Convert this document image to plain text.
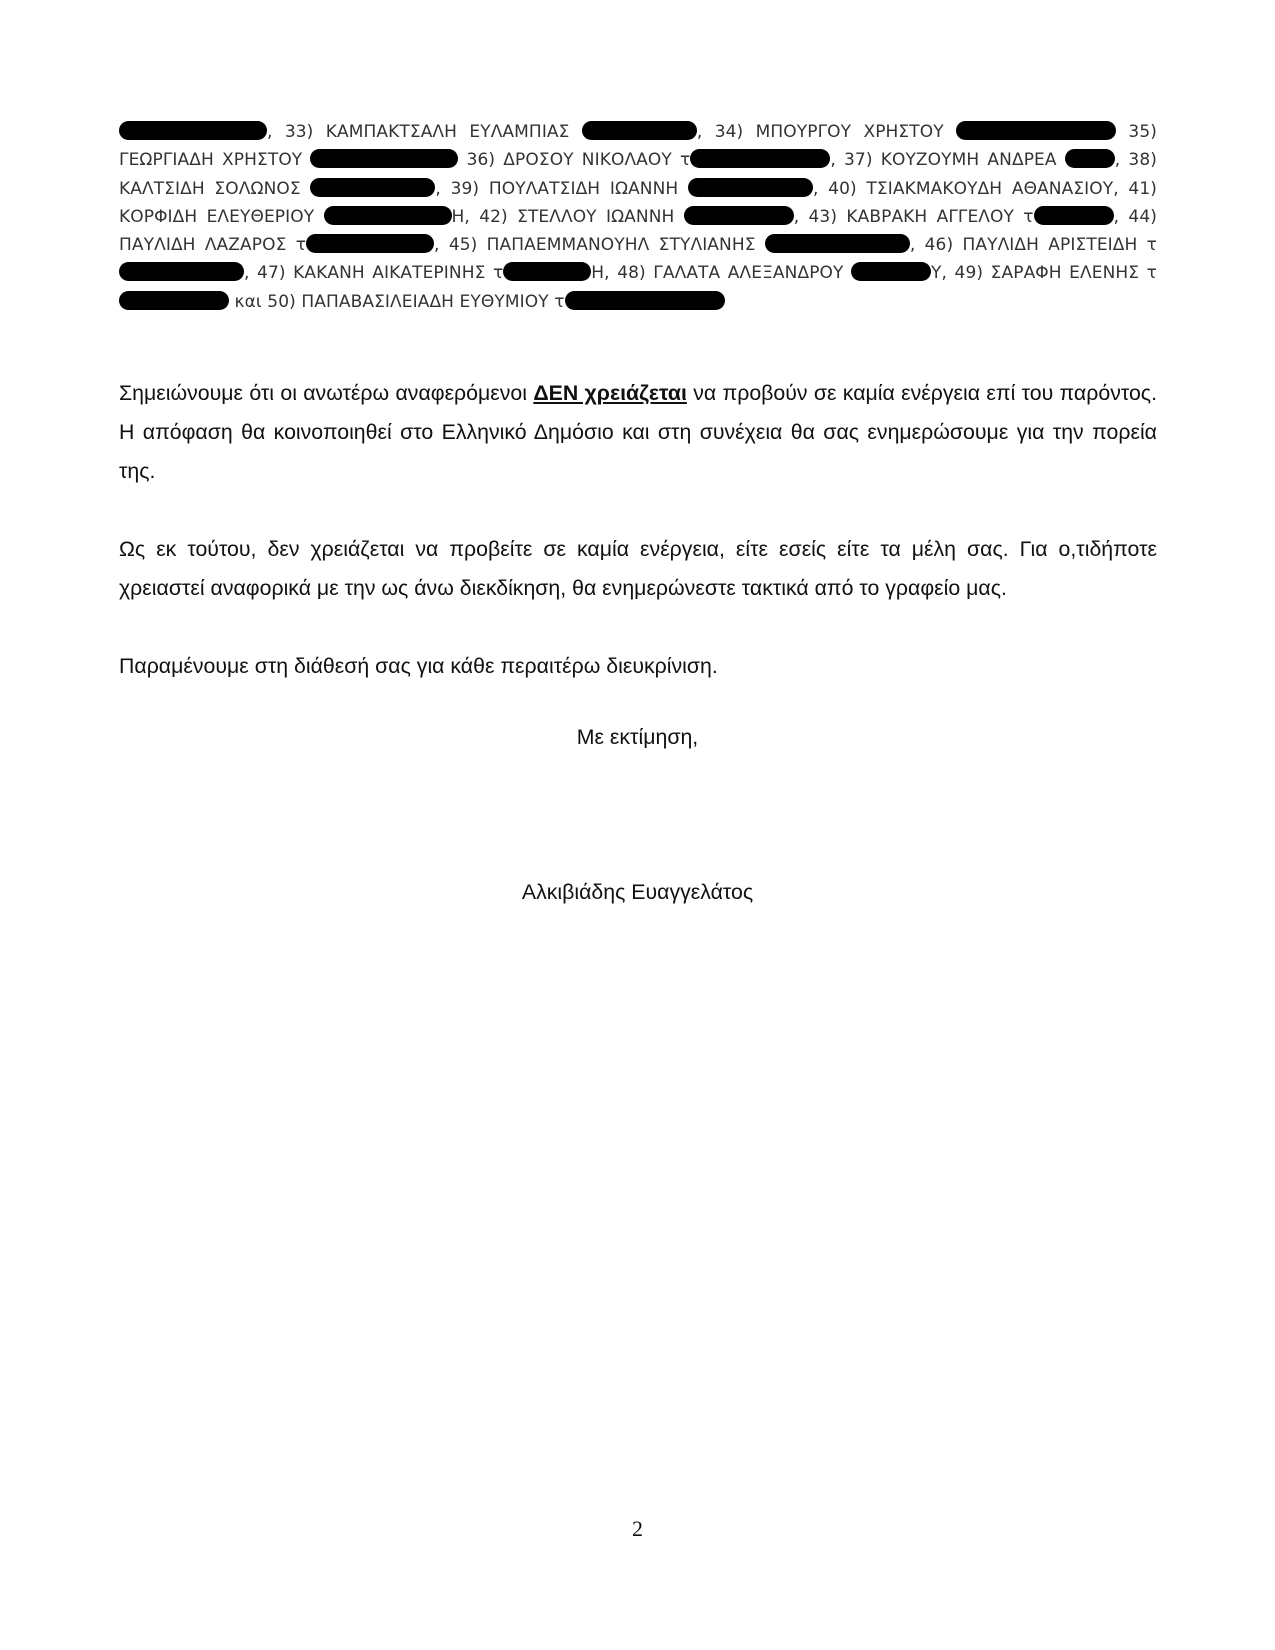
, 33) ΚΑΜΠΑΚΤΣΑΛΗ ΕΥΛΑΜΠΙΑΣ	, 34) ΜΠΟΥΡΓΟΥ ΧΡΗΣΤΟΥ	35) ΓΕΩΡΓΙΑΔΗ ΧΡΗΣΤΟΥ	36) ΔΡΟΣΟΥ ΝΙΚΟΛΑΟΥ τ	, 37) ΚΟΥΖΟΥΜΗ ΑΝΔΡΕΑ	, 38) ΚΑΛΤΣΙΔΗ ΣΟΛΩΝΟΣ	, 39) ΠΟΥΛΑΤΣΙΔΗ ΙΩΑΝΝΗ	, 40) ΤΣΙΑΚΜΑΚΟΥΔΗ ΑΘΑΝΑΣΙΟΥ, 41) ΚΟΡΦΙΔΗ ΕΛΕΥΘΕΡΙΟΥ	Η, 42) ΣΤΕΛΛΟΥ ΙΩΑΝΝΗ	, 43) ΚΑΒΡΑΚΗ ΑΓΓΕΛΟΥ τ	, 44) ΠΑΥΛΙΔΗ ΛΑΖΑΡΟΣ τ	, 45) ΠΑΠΑΕΜΜΑΝΟΥΗΛ ΣΤΥΛΙΑΝΗΣ	, 46) ΠΑΥΛΙΔΗ ΑΡΙΣΤΕΙΔΗ τ, 47) ΚΑΚΑΝΗ ΑΙΚΑΤΕΡΙΝΗΣ τ	Η, 48) ΓΑΛΑΤΑ ΑΛΕΞΑΝΔΡΟΥ	Υ, 49) ΣΑΡΑΦΗ ΕΛΕΝΗΣ τ και 50) ΠΑΠΑΒΑΣΙΛΕΙΑΔΗ ΕΥΘΥΜΙΟΥ τ

Σημειώνουμε ότι οι ανωτέρω αναφερόμενοι ΔΕΝ χρειάζεται να προβούν σε καμία ενέργεια επί του παρόντος. Η απόφαση θα κοινοποιηθεί στο Ελληνικό Δημόσιο και στη συνέχεια θα σας ενημερώσουμε για την πορεία της.

Ως εκ τούτου, δεν χρειάζεται να προβείτε σε καμία ενέργεια, είτε εσείς είτε τα μέλη σας. Για ο,τιδήποτε χρειαστεί αναφορικά με την ως άνω διεκδίκηση, θα ενημερώνεστε τακτικά από το γραφείο μας.

Παραμένουμε στη διάθεσή σας για κάθε περαιτέρω διευκρίνιση.

Με εκτίμηση,
Αλκιβιάδης Ευαγγελάτος
2
